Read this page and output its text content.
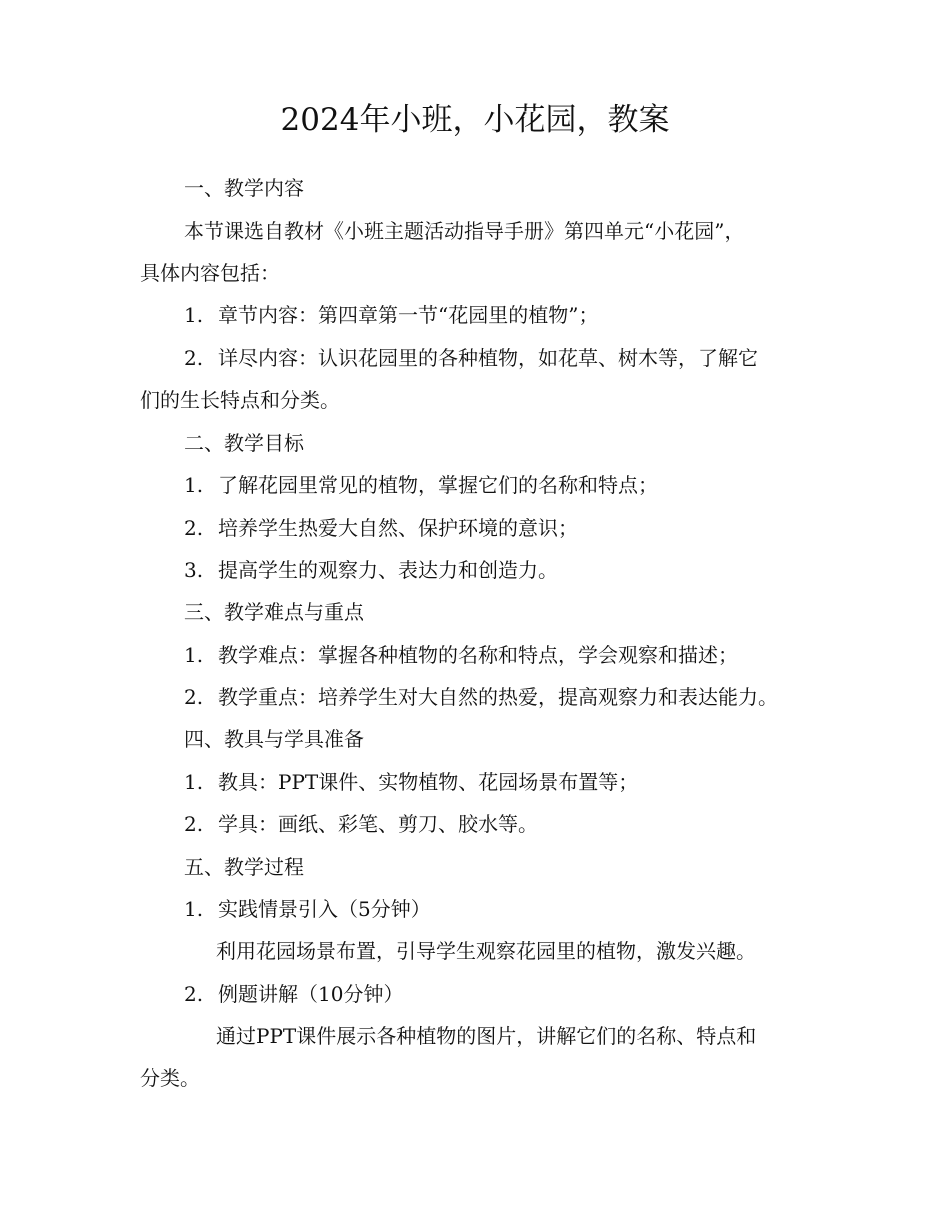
2024年小班，小花园，教案
一、教学内容
本节课选自教材《小班主题活动指导手册》第四单元“小花园”，
具体内容包括：
1. 章节内容：第四章第一节“花园里的植物”；
2. 详尽内容：认识花园里的各种植物，如花草、树木等，了解它
们的生长特点和分类。
二、教学目标
1. 了解花园里常见的植物，掌握它们的名称和特点；
2. 培养学生热爱大自然、保护环境的意识；
3. 提高学生的观察力、表达力和创造力。
三、教学难点与重点
1. 教学难点：掌握各种植物的名称和特点，学会观察和描述；
2. 教学重点：培养学生对大自然的热爱，提高观察力和表达能力。
四、教具与学具准备
1. 教具：PPT课件、实物植物、花园场景布置等；
2. 学具：画纸、彩笔、剪刀、胶水等。
五、教学过程
1. 实践情景引入（5分钟）
利用花园场景布置，引导学生观察花园里的植物，激发兴趣。
2. 例题讲解（10分钟）
通过PPT课件展示各种植物的图片，讲解它们的名称、特点和
分类。
